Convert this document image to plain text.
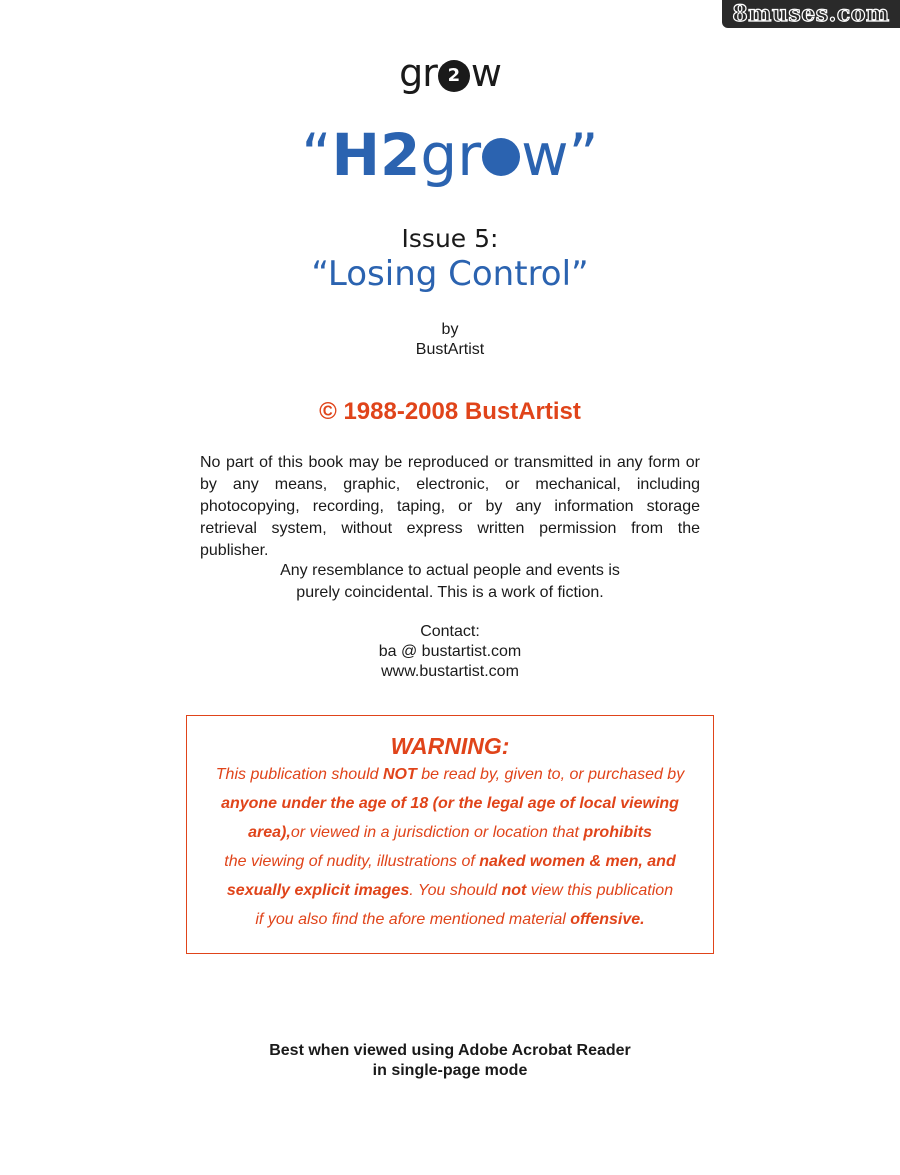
8muses.com
gr 2 w
“H2gr w”
Issue 5:
“Losing Control”
by
BustArtist
© 1988-2008 BustArtist
No part of this book may be reproduced or transmitted in any form or by any means, graphic, electronic, or mechanical, including photocopying, recording, taping, or by any information storage retrieval system, without express written permission from the publisher.
Any resemblance to actual people and events is
purely coincidental. This is a work of fiction.
Contact:
ba @ bustartist.com
www.bustartist.com
WARNING:
This publication should NOT be read by, given to, or purchased by
anyone under the age of 18 (or the legal age of local viewing
area),or viewed in a jurisdiction or location that prohibits
the viewing of nudity, illustrations of naked women & men, and
sexually explicit images. You should not view this publication
if you also find the afore mentioned material offensive.
Best when viewed using Adobe Acrobat Reader
in single-page mode
